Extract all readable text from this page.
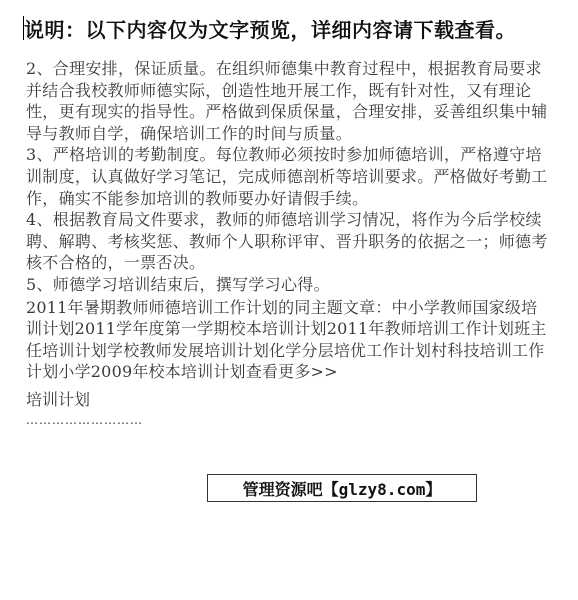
说明：以下内容仅为文字预览，详细内容请下载查看。

2、合理安排，保证质量。在组织师德集中教育过程中，根据教育局要求并结合我校教师师德实际，创造性地开展工作，既有针对性，又有理论性，更有现实的指导性。严格做到保质保量，合理安排，妥善组织集中辅导与教师自学，确保培训工作的时间与质量。

3、严格培训的考勤制度。每位教师必须按时参加师德培训，严格遵守培训制度，认真做好学习笔记，完成师德剖析等培训要求。严格做好考勤工作，确实不能参加培训的教师要办好请假手续。

4、根据教育局文件要求，教师的师德培训学习情况，将作为今后学校续聘、解聘、考核奖惩、教师个人职称评审、晋升职务的依据之一；师德考核不合格的，一票否决。

5、师德学习培训结束后，撰写学习心得。

2011年暑期教师师德培训工作计划的同主题文章：中小学教师国家级培训计划2011学年度第一学期校本培训计划2011年教师培训工作计划班主任培训计划学校教师发展培训计划化学分层培优工作计划村科技培训工作计划小学2009年校本培训计划查看更多>>

培训计划

………………………

管理资源吧【glzy8.com】
